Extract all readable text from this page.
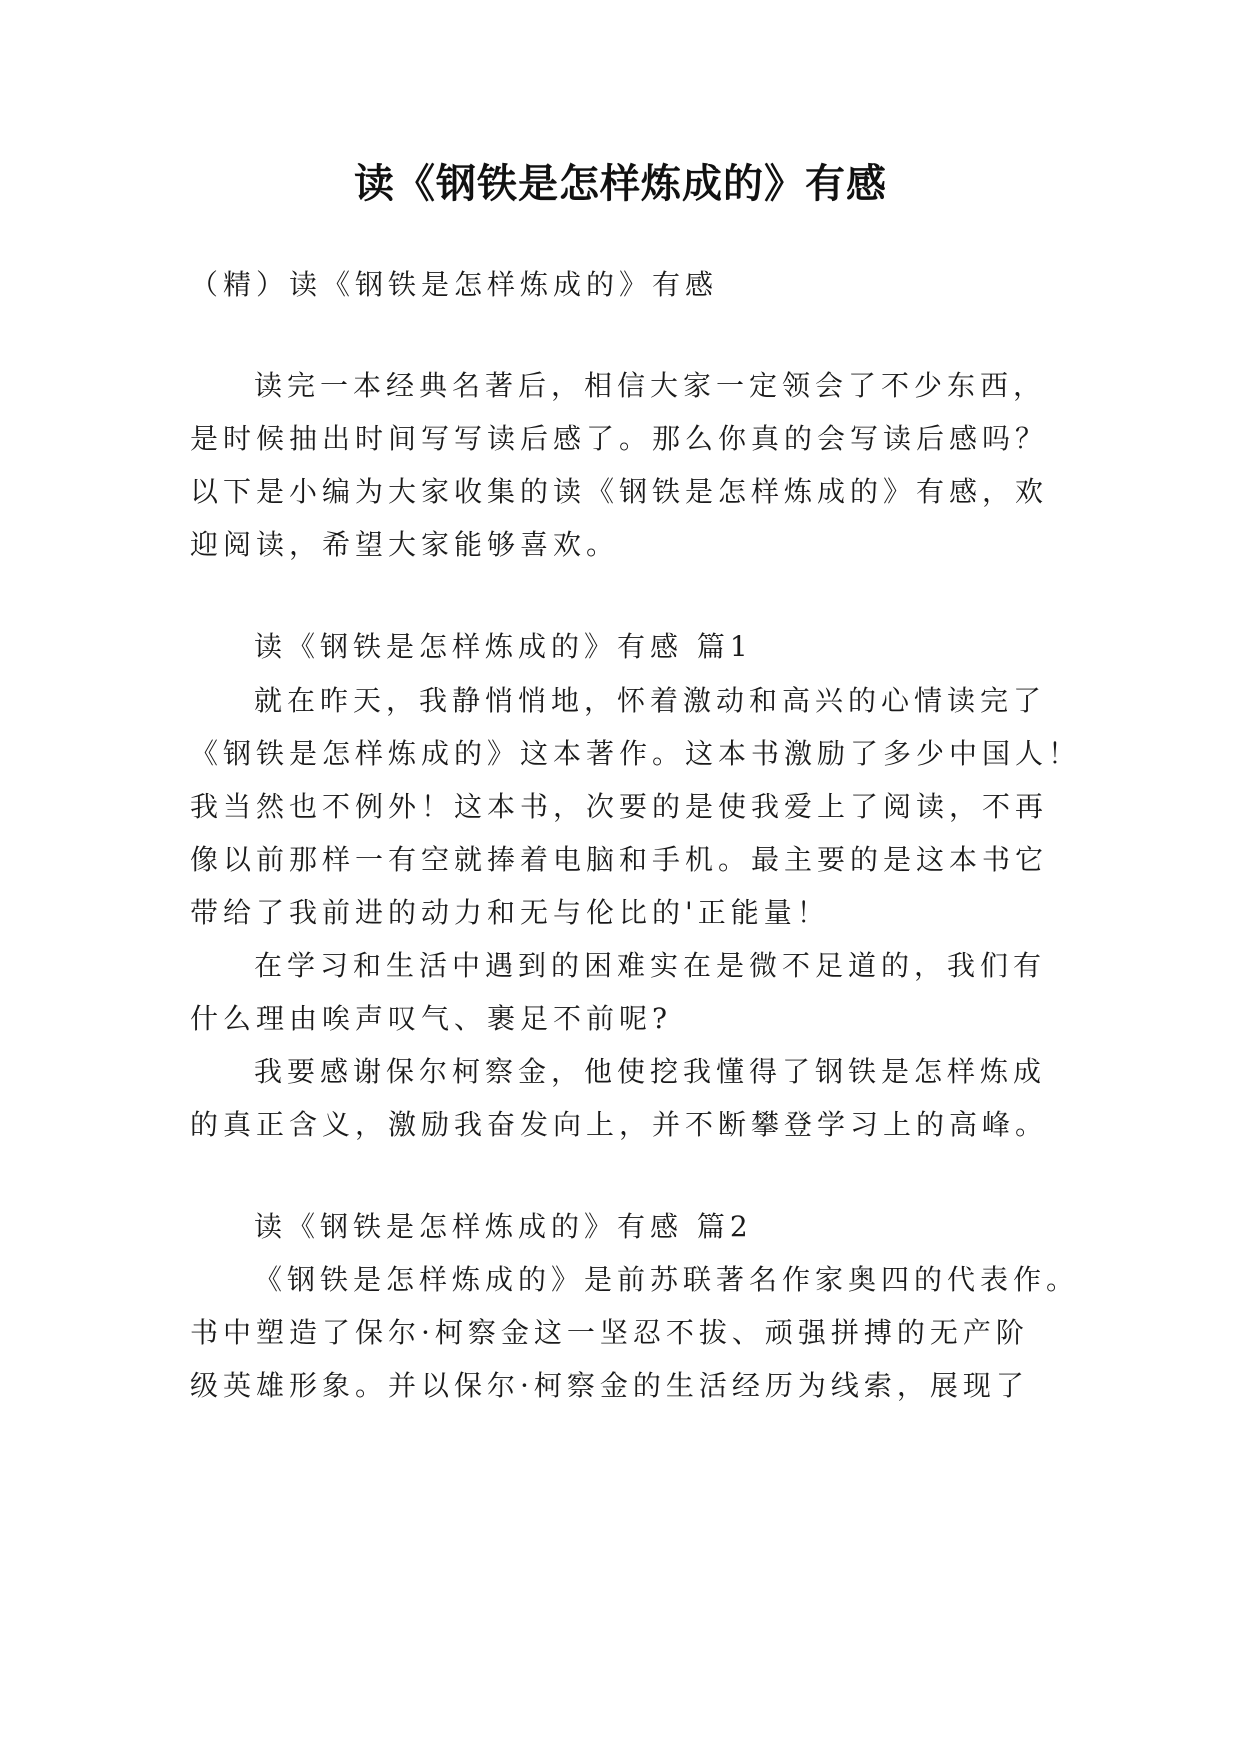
读《钢铁是怎样炼成的》有感
（精）读《钢铁是怎样炼成的》有感
读完一本经典名著后，相信大家一定领会了不少东西，
是时候抽出时间写写读后感了。那么你真的会写读后感吗？
以下是小编为大家收集的读《钢铁是怎样炼成的》有感，欢
迎阅读，希望大家能够喜欢。
读《钢铁是怎样炼成的》有感 篇1
就在昨天，我静悄悄地，怀着激动和高兴的心情读完了
《钢铁是怎样炼成的》这本著作。这本书激励了多少中国人！
我当然也不例外！这本书，次要的是使我爱上了阅读，不再
像以前那样一有空就捧着电脑和手机。最主要的是这本书它
带给了我前进的动力和无与伦比的'正能量！
在学习和生活中遇到的困难实在是微不足道的，我们有
什么理由唉声叹气、裹足不前呢?
我要感谢保尔柯察金，他使挖我懂得了钢铁是怎样炼成
的真正含义，激励我奋发向上，并不断攀登学习上的高峰。
读《钢铁是怎样炼成的》有感 篇2
《钢铁是怎样炼成的》是前苏联著名作家奥四的代表作。
书中塑造了保尔·柯察金这一坚忍不拔、顽强拼搏的无产阶
级英雄形象。并以保尔·柯察金的生活经历为线索，展现了
